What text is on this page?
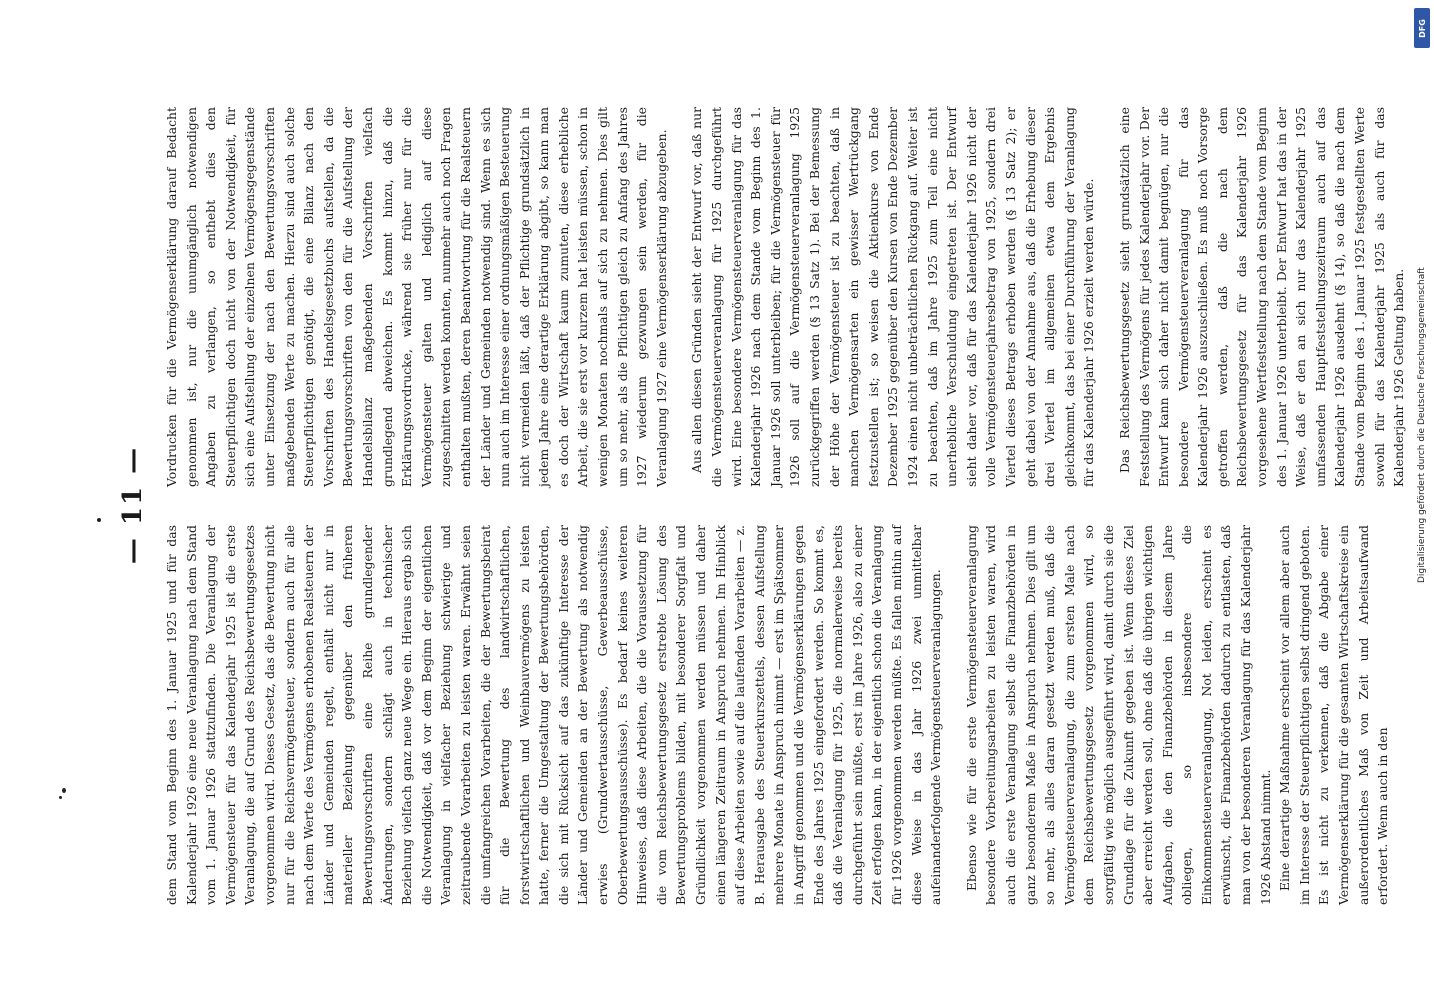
— 11 —

dem Stand vom Beginn des 1. Januar 1925 und für das Kalenderjahr 1926 eine neue Veranlagung nach dem Stand vom 1. Januar 1926 stattzufinden. Die Veranlagung der Vermögensteuer für das Kalenderjahr 1925 ist die erste Veranlagung, die auf Grund des Reichsbewertungsgesetzes vorgenommen wird. Dieses Gesetz, das die Bewertung nicht nur für die Reichsvermögensteuer, sondern auch für alle nach dem Werte des Vermögens erhobenen Realsteuern der Länder und Gemeinden regelt, enthält nicht nur in materieller Beziehung gegenüber den früheren Bewertungsvorschriften eine Reihe grundlegender Änderungen, sondern schlägt auch in technischer Beziehung vielfach ganz neue Wege ein. Hieraus ergab sich die Notwendigkeit, daß vor dem Beginn der eigentlichen Veranlagung in vielfacher Beziehung schwierige und zeitraubende Vorarbeiten zu leisten waren. Erwähnt seien die umfangreichen Vorarbeiten, die der Bewertungsbeirat für die Bewertung des landwirtschaftlichen, forstwirtschaftlichen und Weinbauvermögens zu leisten hatte, ferner die Umgestaltung der Bewertungsbehörden, die sich mit Rücksicht auf das zukünftige Interesse der Länder und Gemeinden an der Bewertung als notwendig erwies (Grundwertausschüsse, Gewerbeausschüsse, Oberbewertungsausschüsse). Es bedarf keines weiteren Hinweises, daß diese Arbeiten, die die Voraussetzung für die vom Reichsbewertungsgesetz erstrebte Lösung des Bewertungsproblems bilden, mit besonderer Sorgfalt und Gründlichkeit vorgenommen werden müssen und daher einen längeren Zeitraum in Anspruch nehmen. Im Hinblick auf diese Arbeiten sowie auf die laufenden Vorarbeiten — z. B. Herausgabe des Steuerkurszettels, dessen Aufstellung mehrere Monate in Anspruch nimmt — erst im Spätsommer in Angriff genommen und die Vermögenserklärungen gegen Ende des Jahres 1925 eingefordert werden. So kommt es, daß die Veranlagung für 1925, die normalerweise bereits durchgeführt sein müßte, erst im Jahre 1926, also zu einer Zeit erfolgen kann, in der eigentlich schon die Veranlagung für 1926 vorgenommen werden müßte. Es fallen mithin auf diese Weise in das Jahr 1926 zwei unmittelbar aufeinanderfolgende Vermögensteuerveranlagungen. Ebenso wie für die erste Vermögensteuerveranlagung besondere Vorbereitungsarbeiten zu leisten waren, wird auch die erste Veranlagung selbst die Finanzbehörden in ganz besonderem Maße in Anspruch nehmen. Dies gilt um so mehr, als alles daran gesetzt werden muß, daß die Vermögensteuerveranlagung, die zum ersten Male nach dem Reichsbewertungsgesetz vorgenommen wird, so sorgfältig wie möglich ausgeführt wird, damit durch sie die Grundlage für die Zukunft gegeben ist. Wenn dieses Ziel aber erreicht werden soll, ohne daß die übrigen wichtigen Aufgaben, die den Finanzbehörden in diesem Jahre obliegen, so insbesondere die Einkommensteuerveranlagung, Not leiden, erscheint es erwünscht, die Finanzbehörden dadurch zu entlasten, daß man von der besonderen Veranlagung für das Kalenderjahr 1926 Abstand nimmt. Eine derartige Maßnahme erscheint vor allem aber auch im Interesse der Steuerpflichtigen selbst dringend geboten. Es ist nicht zu verkennen, daß die Abgabe einer Vermögenserklärung für die gesamten Wirtschaftskreise ein außerordentliches Maß von Zeit und Arbeitsaufwand erfordert. Wenn auch in den

Vordrucken für die Vermögenserklärung darauf Bedacht genommen ist, nur die unumgänglich notwendigen Angaben zu verlangen, so enthebt dies den Steuerpflichtigen doch nicht von der Notwendigkeit, für sich eine Aufstellung der einzelnen Vermögensgegenstände unter Einsetzung der nach den Bewertungsvorschriften maßgebenden Werte zu machen. Hierzu sind auch solche Steuerpflichtigen genötigt, die eine Bilanz nach den Vorschriften des Handelsgesetzbuchs aufstellen, da die Bewertungsvorschriften von den für die Aufstellung der Handelsbilanz maßgebenden Vorschriften vielfach grundlegend abweichen. Es kommt hinzu, daß die Erklärungsvordrucke, während sie früher nur für die Vermögensteuer galten und lediglich auf diese zugeschnitten werden konnten, nunmehr auch noch Fragen enthalten mußten, deren Beantwortung für die Realsteuern der Länder und Gemeinden notwendig sind. Wenn es sich nun auch im Interesse einer ordnungsmäßigen Besteuerung nicht vermeiden läßt, daß der Pflichtige grundsätzlich in jedem Jahre eine derartige Erklärung abgibt, so kann man es doch der Wirtschaft kaum zumuten, diese erhebliche Arbeit, die sie erst vor kurzem hat leisten müssen, schon in wenigen Monaten nochmals auf sich zu nehmen. Dies gilt um so mehr, als die Pflichtigen gleich zu Anfang des Jahres 1927 wiederum gezwungen sein werden, für die Veranlagung 1927 eine Vermögenserklärung abzugeben. Aus allen diesen Gründen sieht der Entwurf vor, daß nur die Vermögensteuerveranlagung für 1925 durchgeführt wird. Eine besondere Vermögensteuerveranlagung für das Kalenderjahr 1926 nach dem Stande vom Beginn des 1. Januar 1926 soll unterbleiben; für die Vermögensteuer für 1926 soll auf die Vermögensteuerveranlagung 1925 zurückgegriffen werden (§ 13 Satz 1). Bei der Bemessung der Höhe der Vermögensteuer ist zu beachten, daß in manchen Vermögensarten ein gewisser Wertrückgang festzustellen ist; so weisen die Aktienkurse von Ende Dezember 1925 gegenüber den Kursen von Ende Dezember 1924 einen nicht unbeträchtlichen Rückgang auf. Weiter ist zu beachten, daß im Jahre 1925 zum Teil eine nicht unerhebliche Verschuldung eingetreten ist. Der Entwurf sieht daher vor, daß für das Kalenderjahr 1926 nicht der volle Vermögensteuerjahresbetrag von 1925, sondern drei Viertel dieses Betrags erhoben werden (§ 13 Satz 2); er geht dabei von der Annahme aus, daß die Erhebung dieser drei Viertel im allgemeinen etwa dem Ergebnis gleichkommt, das bei einer Durchführung der Veranlagung für das Kalenderjahr 1926 erzielt werden würde. Das Reichsbewertungsgesetz sieht grundsätzlich eine Feststellung des Vermögens für jedes Kalenderjahr vor. Der Entwurf kann sich daher nicht damit begnügen, nur die besondere Vermögensteuerveranlagung für das Kalenderjahr 1926 auszuschließen. Es muß noch Vorsorge getroffen werden, daß die nach dem Reichsbewertungsgesetz für das Kalenderjahr 1926 vorgesehene Wertfeststellung nach dem Stande vom Beginn des 1. Januar 1926 unterbleibt. Der Entwurf hat das in der Weise, daß er den an sich nur das Kalenderjahr 1925 umfassenden Hauptfeststellungszeitraum auch auf das Kalenderjahr 1926 ausdehnt (§ 14), so daß die nach dem Stande vom Beginn des 1. Januar 1925 festgestellten Werte sowohl für das Kalenderjahr 1925 als auch für das Kalenderjahr 1926 Geltung haben.

DFG
Digitalisierung gefördert durch die Deutsche Forschungsgemeinschaft
